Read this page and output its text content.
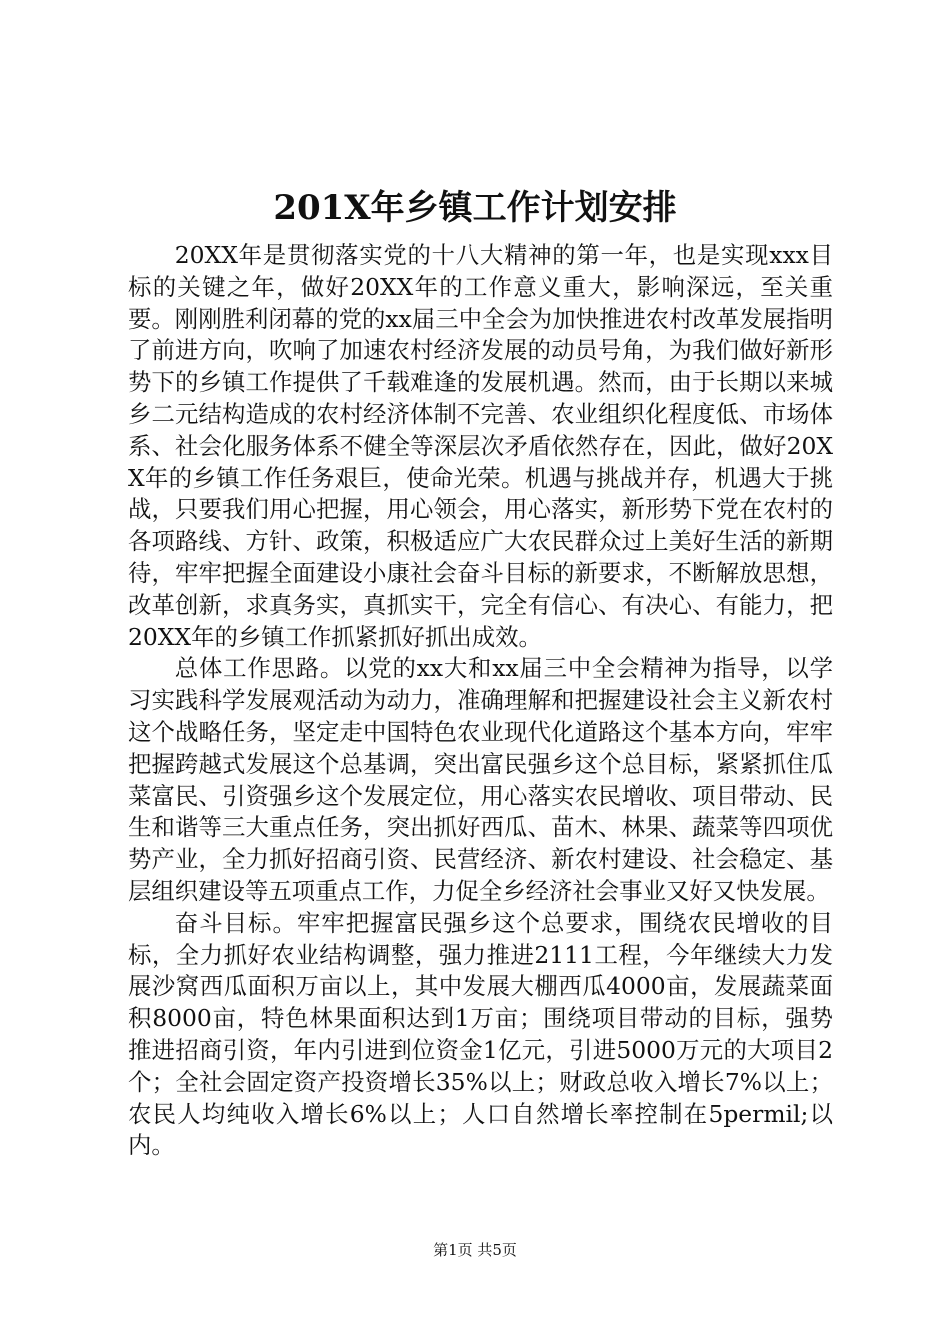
201X年乡镇工作计划安排

20XX年是贯彻落实党的十八大精神的第一年，也是实现xxx目标的关键之年，做好20XX年的工作意义重大，影响深远，至关重要。刚刚胜利闭幕的党的xx届三中全会为加快推进农村改革发展指明了前进方向，吹响了加速农村经济发展的动员号角，为我们做好新形势下的乡镇工作提供了千载难逢的发展机遇。然而，由于长期以来城乡二元结构造成的农村经济体制不完善、农业组织化程度低、市场体系、社会化服务体系不健全等深层次矛盾依然存在，因此，做好20XX年的乡镇工作任务艰巨，使命光荣。机遇与挑战并存，机遇大于挑战，只要我们用心把握，用心领会，用心落实，新形势下党在农村的各项路线、方针、政策，积极适应广大农民群众过上美好生活的新期待，牢牢把握全面建设小康社会奋斗目标的新要求，不断解放思想，改革创新，求真务实，真抓实干，完全有信心、有决心、有能力，把20XX年的乡镇工作抓紧抓好抓出成效。

总体工作思路。以党的xx大和xx届三中全会精神为指导，以学习实践科学发展观活动为动力，准确理解和把握建设社会主义新农村这个战略任务，坚定走中国特色农业现代化道路这个基本方向，牢牢把握跨越式发展这个总基调，突出富民强乡这个总目标，紧紧抓住瓜菜富民、引资强乡这个发展定位，用心落实农民增收、项目带动、民生和谐等三大重点任务，突出抓好西瓜、苗木、林果、蔬菜等四项优势产业，全力抓好招商引资、民营经济、新农村建设、社会稳定、基层组织建设等五项重点工作，力促全乡经济社会事业又好又快发展。

奋斗目标。牢牢把握富民强乡这个总要求，围绕农民增收的目标，全力抓好农业结构调整，强力推进2111工程，今年继续大力发展沙窝西瓜面积万亩以上，其中发展大棚西瓜4000亩，发展蔬菜面积8000亩，特色林果面积达到1万亩；围绕项目带动的目标，强势推进招商引资，年内引进到位资金1亿元，引进5000万元的大项目2个；全社会固定资产投资增长35%以上；财政总收入增长7%以上；农民人均纯收入增长6%以上；人口自然增长率控制在5permil;以内。

第1页 共5页
